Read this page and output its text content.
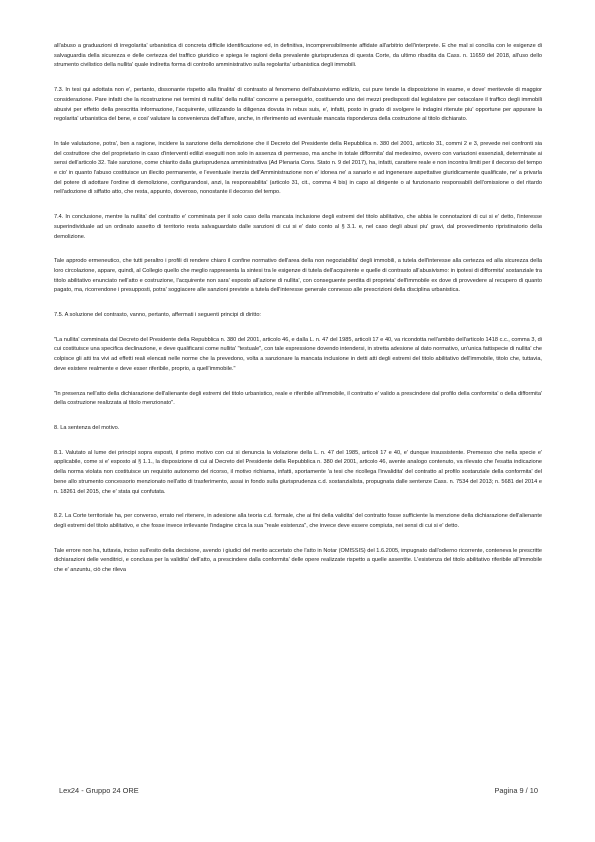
all'abuso a graduazioni di irregolarita' urbanistica di concreta difficile identificazione ed, in definitiva, incomprensibilmente affidate all'arbitrio dell'interprete. E che mal si concilia con le esigenze di salvaguardia della sicurezza e delle certezza del traffico giuridico e spiega le ragioni della prevalente giurisprudenza di questa Corte, da ultimo ribadita da Cass. n. 11659 del 2018, all'uso dello strumento civilistico della nullita' quale indiretta forma di controllo amministrativo sulla regolarita' urbanistica degli immobili.

7.3. In tesi qui adottata non e', pertanto, dissonante rispetto alla finalita' di contrasto al fenomeno dell'abusivismo edilizio, cui pure tende la disposizione in esame, e dove' meritevole di maggior considerazione. Pare infatti che la ricostruzione nei termini di nullita' della nullita' concorre a perseguirlo, costituendo uno dei mezzi predisposti dal legislatore per ostacolare il traffico degli immobili abusivi per effetto della prescritta informazione, l'acquirente, utilizzando la diligenza dovuta in rebus suis, e', infatti, posto in grado di svolgere le indagini ritenute piu' opportune per appurare la regolarita' urbanistica del bene, e cosi' valutare la convenienza dell'affare, anche, in riferimento ad eventuale mancata rispondenza della costruzione al titolo dichiarato.

In tale valutazione, potra', ben a ragione, incidere la sanzione della demolizione che il Decreto del Presidente della Repubblica n. 380 del 2001, articolo 31, commi 2 e 3, prevede nei confronti sia del costruttore che del proprietario in caso d'interventi edilizi eseguiti non solo in assenza di permesso, ma anche in totale difformita' dal medesimo, ovvero con variazioni essenziali, determinate ai sensi dell'articolo 32. Tale sanzione, come chiarito dalla giurisprudenza amministrativa (Ad Plenaria Cons. Stato n. 9 del 2017), ha, infatti, carattere reale e non incontra limiti per il decorso del tempo e cio' in quanto l'abuso costituisce un illecito permanente, e l'eventuale inerzia dell'Amministrazione non e' idonea ne' a sanarlo e ad ingenerare aspettative giuridicamente qualificate, ne' a privarla del potere di adottare l'ordine di demolizione, configurandosi, anzi, la responsabilita' (articolo 31, cit., comma 4 bis) in capo al dirigente o al funzionario responsabili dell'omissione o del ritardo nell'adozione di siffatto atto, che resta, appunto, doveroso, nonostante il decorso del tempo.

7.4. In conclusione, mentre la nullita' del contratto e' comminata per il solo caso della mancata inclusione degli estremi del titolo abilitativo, che abbia le connotazioni di cui si e' detto, l'interesse superindividuale ad un ordinato assetto di territorio resta salvaguardato dalle sanzioni di cui si e' dato conto al § 3.1. e, nel caso degli abusi piu' gravi, dal provvedimento ripristinatorio della demolizione.

Tale approdo ermeneutico, che tutti peraltro i profili di rendere chiaro il confine normativo dell'area della non negoziabilita' degli immobili, a tutela dell'interesse alla certezza ed alla sicurezza della loro circolazione, appare, quindi, al Collegio quello che meglio rappresenta la sintesi tra le esigenze di tutela dell'acquirente e quelle di contrasto all'abusivismo: in ipotesi di difformita' sostanziale tra titolo abilitativo enunciato nell'atto e costruzione, l'acquirente non sara' esposto all'azione di nullita', con conseguente perdita di proprieta' dell'immobile ex dove di provvedere al recupero di quanto pagato, ma, ricorrendone i presupposti, potra' soggiacere alle sanzioni previste a tutela dell'interesse generale connesso alle prescrizioni della disciplina urbanistica.

7.5. A soluzione del contrasto, vanno, pertanto, affermati i seguenti principi di diritto:

"La nullita' comminata dal Decreto del Presidente della Repubblica n. 380 del 2001, articolo 46, e dalla L. n. 47 del 1985, articoli 17 e 40, va ricondotta nell'ambito dell'articolo 1418 c.c., comma 3, di cui costituisce una specifica declinazione, e deve qualificarsi come nullita' "testuale", con tale espressione dovendo intendersi, in stretta adesione al dato normativo, un'unica fattispecie di nullita' che colpisce gli atti tra vivi ad effetti reali elencati nelle norme che la prevedono, volta a sanzionare la mancata inclusione in detti atti degli estremi del titolo abilitativo dell'immobile, titolo che, tuttavia, deve esistere realmente e deve esser riferibile, proprio, a quell'immobile."

"In presenza nell'atto della dichiarazione dell'alienante degli estremi del titolo urbanistico, reale e riferibile all'immobile, il contratto e' valido a prescindere dal profilo della conformita' o della difformita' della costruzione realizzata al titolo menzionato".

8. La sentenza del motivo.

8.1. Valutato al lume dei principi sopra esposti, il primo motivo con cui si denuncia la violazione della L. n. 47 del 1985, articoli 17 e 40, e' dunque insussistente. Premesso che nella specie e' applicabile, come si e' esposto al § 1.1., la disposizione di cui al Decreto del Presidente della Repubblica n. 380 del 2001, articolo 46, avente analogo contenuto, va rilevato che l'esatta indicazione della norma violata non costituisce un requisito autonomo del ricorso, il motivo richiama, infatti, sportamente 'a tesi che ricollega l'invalidita' del contratto al profilo sostanziale della conformita' del bene allo strumento concessorio menzionato nell'atto di trasferimento, assai in fondo sulla giurisprudenza c.d. sostanzialista, propugnata dalle sentenze Cass. n. 7534 del 2013; n. 5681 del 2014 e n. 18261 del 2015, che e' stata qui confutata.

8.2. La Corte territoriale ha, per converso, errato nel ritenere, in adesione alla teoria c.d. formale, che ai fini della validita' del contratto fosse sufficiente la menzione della dichiarazione dell'alienante degli estremi del titolo abilitativo, e che fosse invece irrilevante l'indagine circa la sua "reale esistenza", che invece deve essere compiuta, nei sensi di cui si e' detto.

Tale errore non ha, tuttavia, inciso sull'esito della decisione, avendo i giudici del merito accertato che l'atto in Notar (OMISSIS) del 1.6.2005, impugnato dall'odierno ricorrente, conteneva le prescritte dichiarazioni delle venditrici, e conclusa per la validita' dell'atto, a prescindere dalla conformita' delle opere realizzate rispetto a quelle assentite. L'esistenza del titolo abilitativo riferibile all'immobile che e' anzuntu, ciò che rileva

Lex24 - Gruppo 24 ORE	Pagina 9 / 10
